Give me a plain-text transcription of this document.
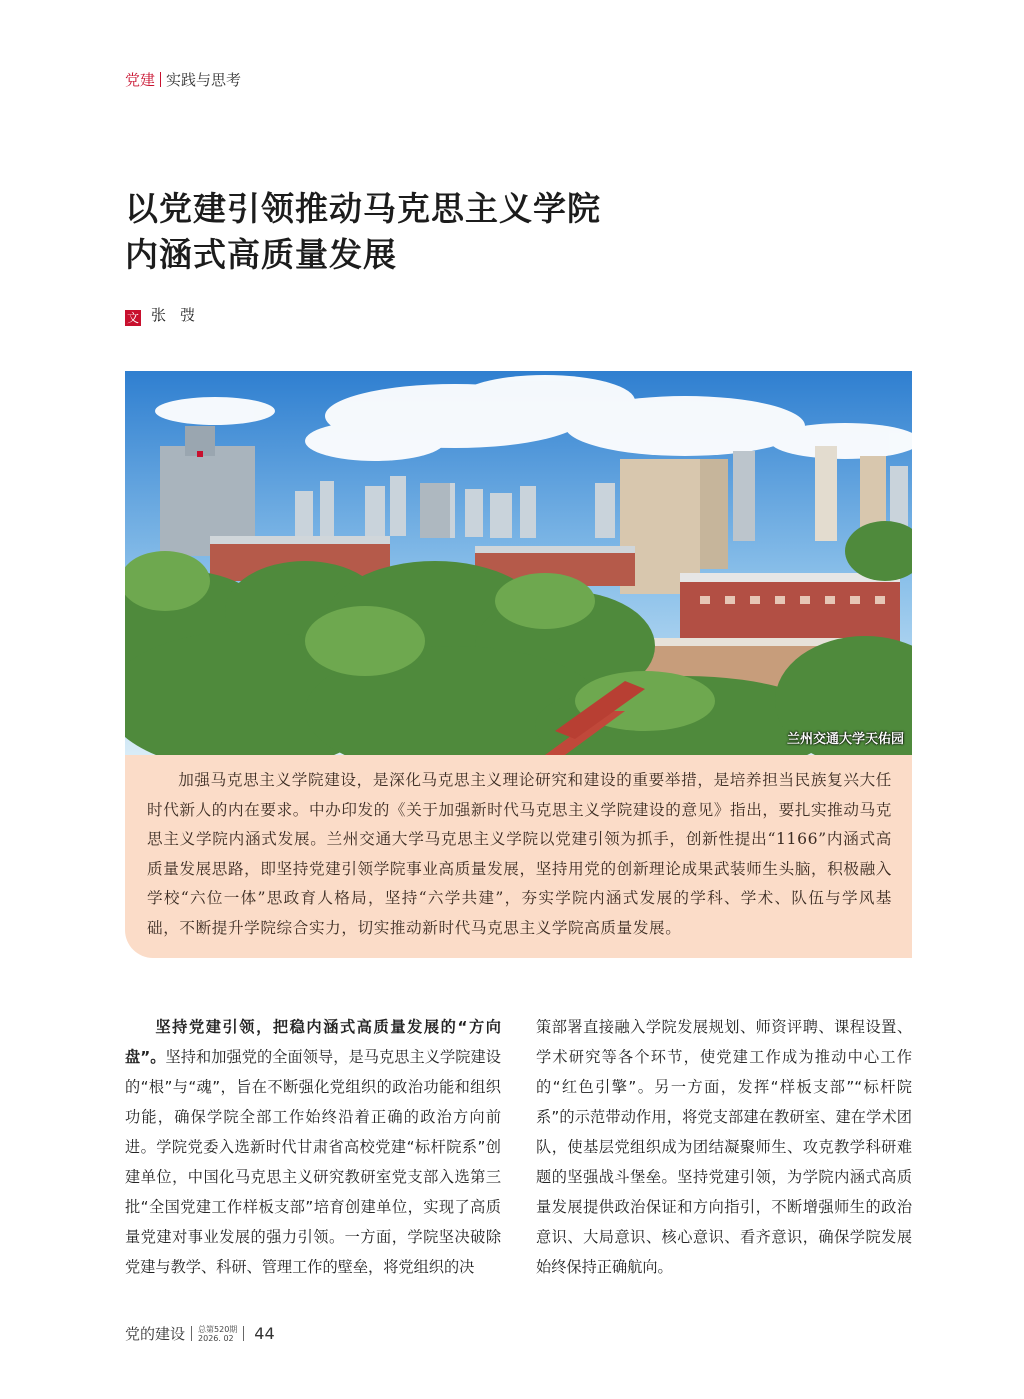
党建 实践与思考
以党建引领推动马克思主义学院
内涵式高质量发展
文 张弢
兰州交通大学天佑园

加强马克思主义学院建设，是深化马克思主义理论研究和建设的重要举措，是培养担当民族复兴大任时代新人的内在要求。中办印发的《关于加强新时代马克思主义学院建设的意见》指出，要扎实推动马克思主义学院内涵式发展。兰州交通大学马克思主义学院以党建引领为抓手，创新性提出“1166”内涵式高质量发展思路，即坚持党建引领学院事业高质量发展，坚持用党的创新理论成果武装师生头脑，积极融入学校“六位一体”思政育人格局，坚持“六学共建”，夯实学院内涵式发展的学科、学术、队伍与学风基础，不断提升学院综合实力，切实推动新时代马克思主义学院高质量发展。

坚持党建引领，把稳内涵式高质量发展的“方向盘”。坚持和加强党的全面领导，是马克思主义学院建设的“根”与“魂”，旨在不断强化党组织的政治功能和组织功能，确保学院全部工作始终沿着正确的政治方向前进。学院党委入选新时代甘肃省高校党建“标杆院系”创建单位，中国化马克思主义研究教研室党支部入选第三批“全国党建工作样板支部”培育创建单位，实现了高质量党建对事业发展的强力引领。一方面，学院坚决破除党建与教学、科研、管理工作的壁垒，将党组织的决

策部署直接融入学院发展规划、师资评聘、课程设置、学术研究等各个环节，使党建工作成为推动中心工作的“红色引擎”。另一方面，发挥“样板支部”“标杆院系”的示范带动作用，将党支部建在教研室、建在学术团队，使基层党组织成为团结凝聚师生、攻克教学科研难题的坚强战斗堡垒。坚持党建引领，为学院内涵式高质量发展提供政治保证和方向指引，不断增强师生的政治意识、大局意识、核心意识、看齐意识，确保学院发展始终保持正确航向。

党的建设 总第520期
2026. 02 44
